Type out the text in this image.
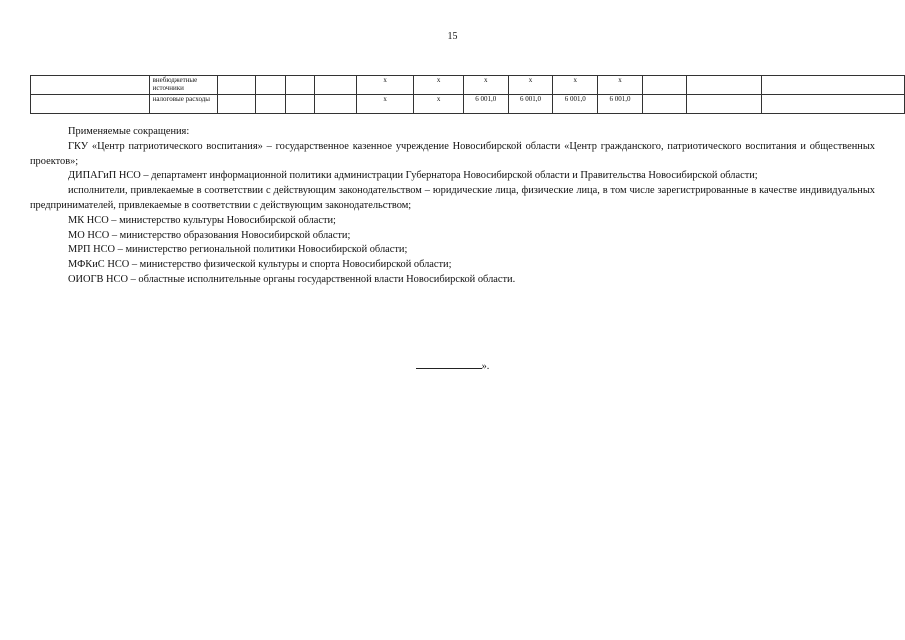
15
	внебюджетные источники					x	x	x	x	x	x			
	налоговые расходы					x	x	6 001,0	6 001,0	6 001,0	6 001,0			

Применяемые сокращения:

ГКУ «Центр патриотического воспитания» – государственное казенное учреждение Новосибирской области «Центр гражданского, патриотического воспитания и общественных проектов»;

ДИПАГиП НСО – департамент информационной политики администрации Губернатора Новосибирской области и Правительства Новосибирской области;

исполнители, привлекаемые в соответствии с действующим законодательством – юридические лица, физические лица, в том числе зарегистрированные в качестве индивидуальных предпринимателей, привлекаемые в соответствии с действующим законодательством;

МК НСО – министерство культуры Новосибирской области;

МО НСО – министерство образования Новосибирской области;

МРП НСО – министерство региональной политики Новосибирской области;

МФКиС НСО – министерство физической культуры и спорта Новосибирской области;

ОИОГВ НСО – областные исполнительные органы государственной власти Новосибирской области.

».
